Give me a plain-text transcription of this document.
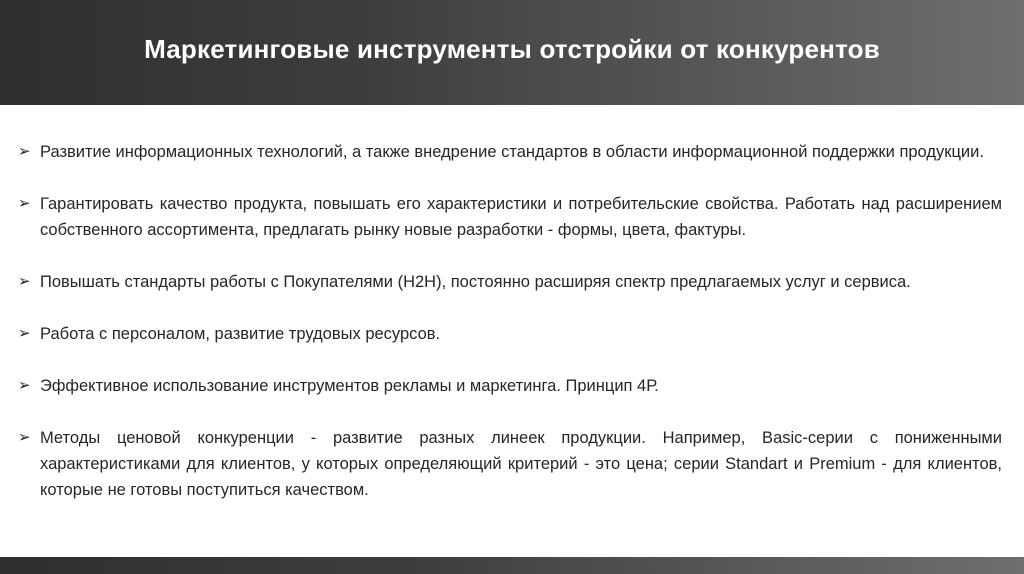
Маркетинговые инструменты отстройки от конкурентов
➢ Развитие информационных технологий, а также внедрение стандартов в области информационной поддержки продукции.
➢ Гарантировать качество продукта, повышать его характеристики и потребительские свойства. Работать над расширением собственного ассортимента, предлагать рынку новые разработки - формы, цвета, фактуры.
➢ Повышать стандарты работы с Покупателями (Н2Н), постоянно расширяя спектр предлагаемых услуг и сервиса.
➢ Работа с персоналом, развитие трудовых ресурсов.
➢ Эффективное использование инструментов рекламы и маркетинга. Принцип 4Р.
➢ Методы ценовой конкуренции - развитие разных линеек продукции. Например, Basic-серии с пониженными характеристиками для клиентов, у которых определяющий критерий - это цена; серии Standart и Premium - для клиентов, которые не готовы поступиться качеством.
